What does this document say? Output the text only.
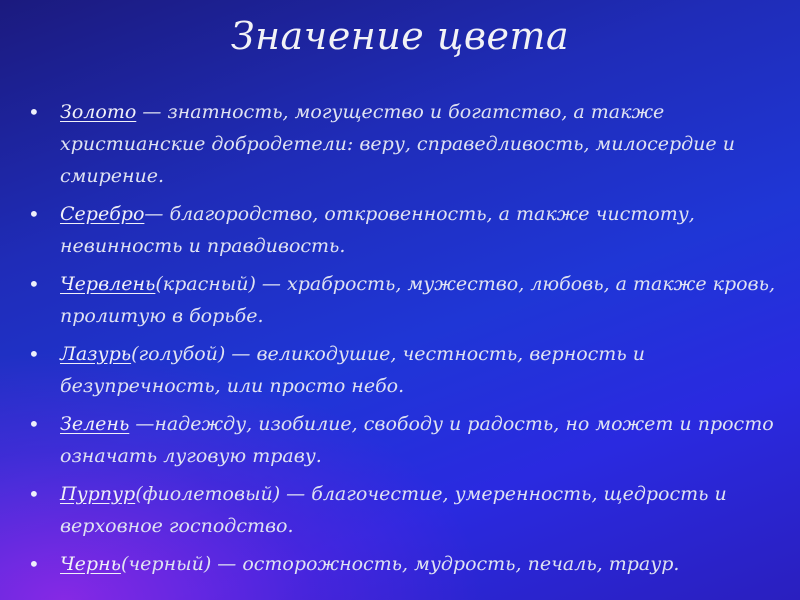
Значение цвета
• Золото — знатность, могущество и богатство, а также христианские добродетели: веру, справедливость, милосердие и смирение.
• Серебро— благородство, откровенность, а также чистоту, невинность и правдивость.
• Червлень(красный) — храбрость, мужество, любовь, а также кровь, пролитую в борьбе.
• Лазурь(голубой) — великодушие, честность, верность и безупречность, или просто небо.
• Зелень —надежду, изобилие, свободу и радость, но может и просто означать луговую траву.
• Пурпур(фиолетовый) — благочестие, умеренность, щедрость и верховное господство.
• Чернь(черный) — осторожность, мудрость, печаль, траур.
